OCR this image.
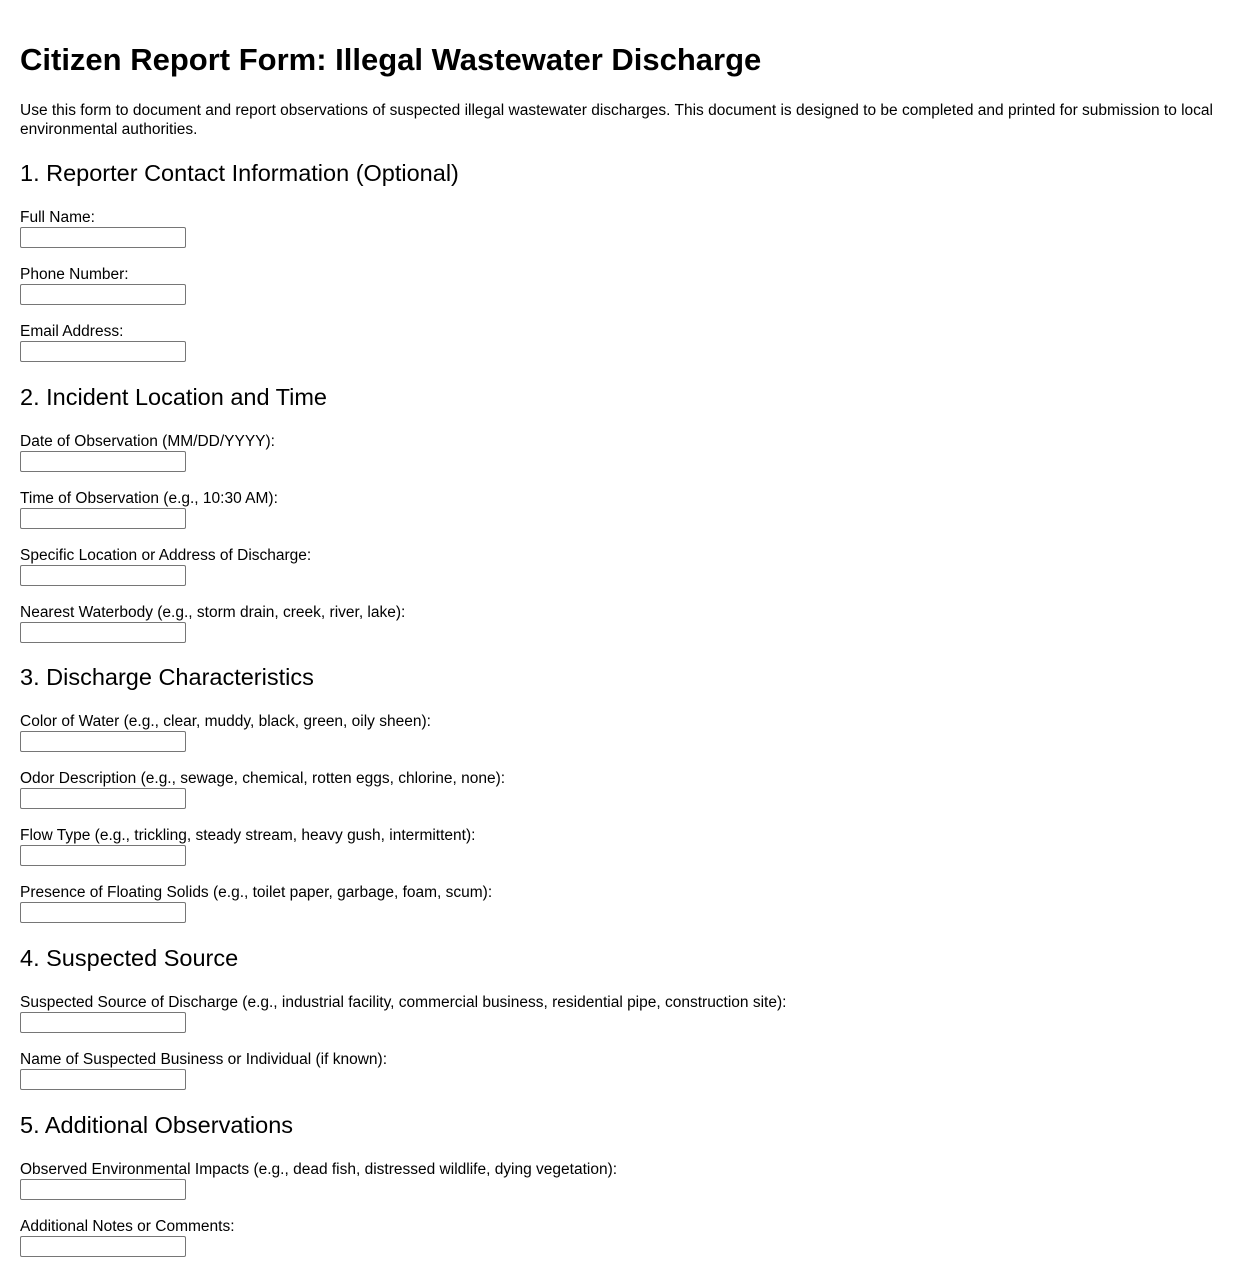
Citizen Report Form: Illegal Wastewater Discharge

Use this form to document and report observations of suspected illegal wastewater discharges. This document is designed to be completed and printed for submission to local environmental authorities.

1. Reporter Contact Information (Optional)
Full Name:
Phone Number:
Email Address:
2. Incident Location and Time
Date of Observation (MM/DD/YYYY):
Time of Observation (e.g., 10:30 AM):
Specific Location or Address of Discharge:
Nearest Waterbody (e.g., storm drain, creek, river, lake):
3. Discharge Characteristics
Color of Water (e.g., clear, muddy, black, green, oily sheen):
Odor Description (e.g., sewage, chemical, rotten eggs, chlorine, none):
Flow Type (e.g., trickling, steady stream, heavy gush, intermittent):
Presence of Floating Solids (e.g., toilet paper, garbage, foam, scum):
4. Suspected Source
Suspected Source of Discharge (e.g., industrial facility, commercial business, residential pipe, construction site):
Name of Suspected Business or Individual (if known):
5. Additional Observations
Observed Environmental Impacts (e.g., dead fish, distressed wildlife, dying vegetation):
Additional Notes or Comments:
